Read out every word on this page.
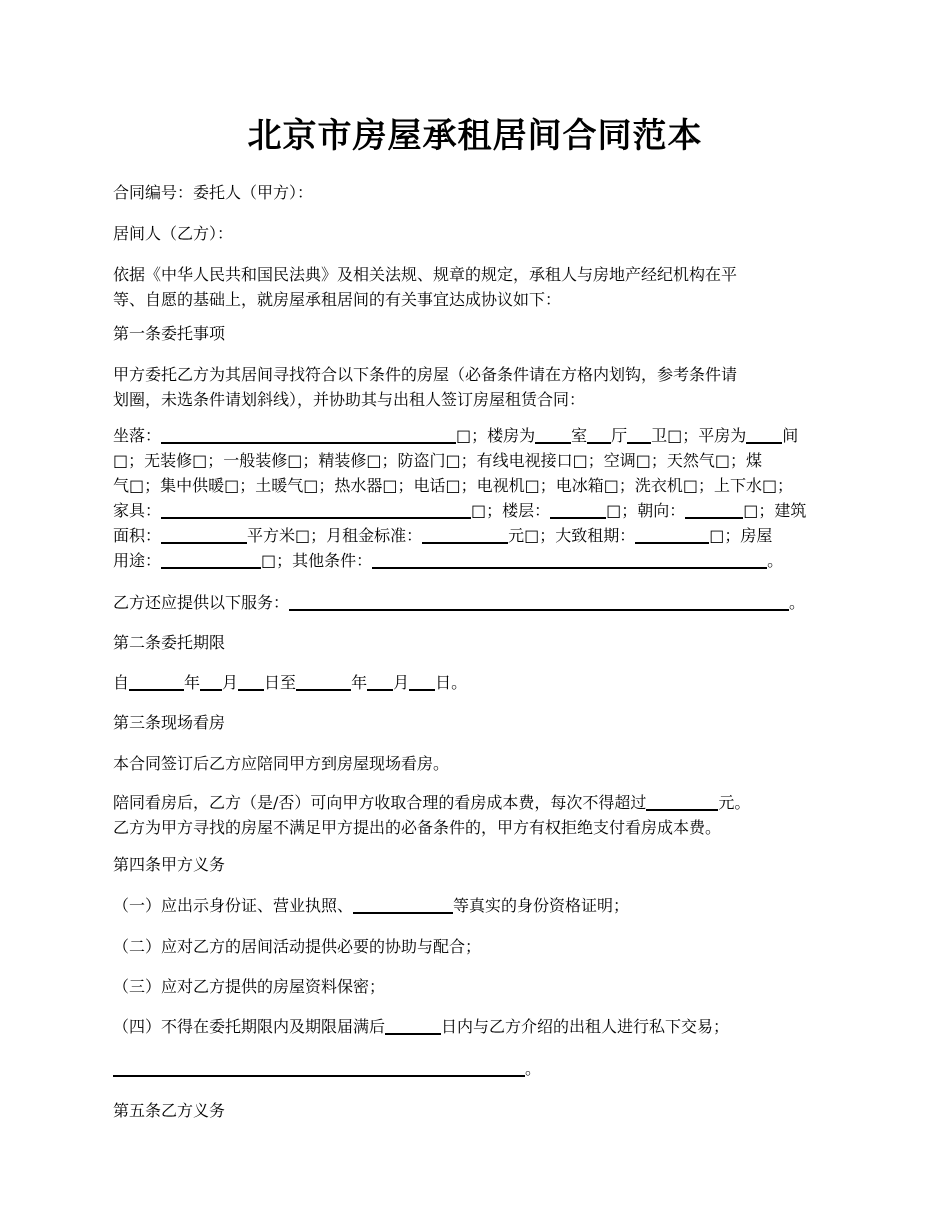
北京市房屋承租居间合同范本

合同编号：委托人（甲方）：

居间人（乙方）：

依据《中华人民共和国民法典》及相关法规、规章的规定，承租人与房地产经纪机构在平

等、自愿的基础上，就房屋承租居间的有关事宜达成协议如下：

第一条委托事项

甲方委托乙方为其居间寻找符合以下条件的房屋（必备条件请在方格内划钩，参考条件请

划圈，未选条件请划斜线），并协助其与出租人签订房屋租赁合同：

坐落：	□；楼房为 室 厅 卫□；平房为 间

□；无装修□；一般装修□；精装修□；防盗门□；有线电视接口□；空调□；天然气□；煤

气□；集中供暖□；土暖气□；热水器□；电话□；电视机□；电冰箱□；洗衣机□；上下水□；

家具：	□；楼层：	□；朝向：	□；建筑

面积：	平方米□；月租金标准：	元□；大致租期：	□；房屋

用途：	□；其他条件：	。

乙方还应提供以下服务：	。

第二条委托期限

自	年 月 日至	年 月 日。

第三条现场看房

本合同签订后乙方应陪同甲方到房屋现场看房。

陪同看房后，乙方（是/否）可向甲方收取合理的看房成本费，每次不得超过	元。

乙方为甲方寻找的房屋不满足甲方提出的必备条件的，甲方有权拒绝支付看房成本费。

第四条甲方义务

（一）应出示身份证、营业执照、	等真实的身份资格证明；

（二）应对乙方的居间活动提供必要的协助与配合；

（三）应对乙方提供的房屋资料保密；

（四）不得在委托期限内及期限届满后	日内与乙方介绍的出租人进行私下交易；

。

第五条乙方义务
